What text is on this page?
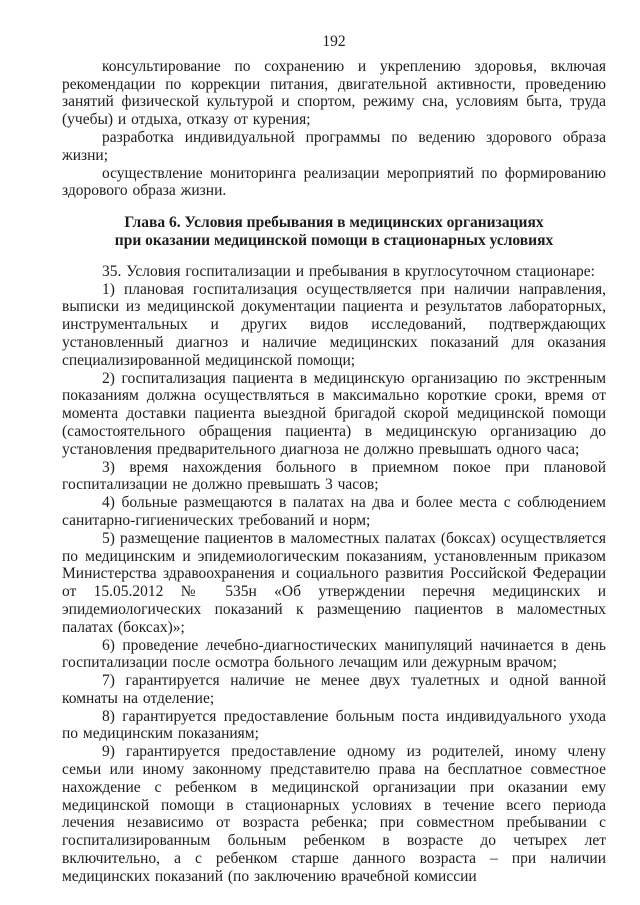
192

консультирование по сохранению и укреплению здоровья, включая рекомендации по коррекции питания, двигательной активности, проведению занятий физической культурой и спортом, режиму сна, условиям быта, труда (учебы) и отдыха, отказу от курения;

разработка индивидуальной программы по ведению здорового образа жизни;

осуществление мониторинга реализации мероприятий по формированию здорового образа жизни.

Глава 6. Условия пребывания в медицинских организациях
при оказании медицинской помощи в стационарных условиях

35. Условия госпитализации и пребывания в круглосуточном стационаре:

1) плановая госпитализация осуществляется при наличии направления, выписки из медицинской документации пациента и результатов лабораторных, инструментальных и других видов исследований, подтверждающих установленный диагноз и наличие медицинских показаний для оказания специализированной медицинской помощи;

2) госпитализация пациента в медицинскую организацию по экстренным показаниям должна осуществляться в максимально короткие сроки, время от момента доставки пациента выездной бригадой скорой медицинской помощи (самостоятельного обращения пациента) в медицинскую организацию до установления предварительного диагноза не должно превышать одного часа;

3) время нахождения больного в приемном покое при плановой госпитализации не должно превышать 3 часов;

4) больные размещаются в палатах на два и более места с соблюдением санитарно-гигиенических требований и норм;

5) размещение пациентов в маломестных палатах (боксах) осуществляется по медицинским и эпидемиологическим показаниям, установленным приказом Министерства здравоохранения и социального развития Российской Федерации от 15.05.2012 № 535н «Об утверждении перечня медицинских и эпидемиологических показаний к размещению пациентов в маломестных палатах (боксах)»;

6) проведение лечебно-диагностических манипуляций начинается в день госпитализации после осмотра больного лечащим или дежурным врачом;

7) гарантируется наличие не менее двух туалетных и одной ванной комнаты на отделение;

8) гарантируется предоставление больным поста индивидуального ухода по медицинским показаниям;

9) гарантируется предоставление одному из родителей, иному члену семьи или иному законному представителю права на бесплатное совместное нахождение с ребенком в медицинской организации при оказании ему медицинской помощи в стационарных условиях в течение всего периода лечения независимо от возраста ребенка; при совместном пребывании с госпитализированным больным ребенком в возрасте до четырех лет включительно, а с ребенком старше данного возраста – при наличии медицинских показаний (по заключению врачебной комиссии
